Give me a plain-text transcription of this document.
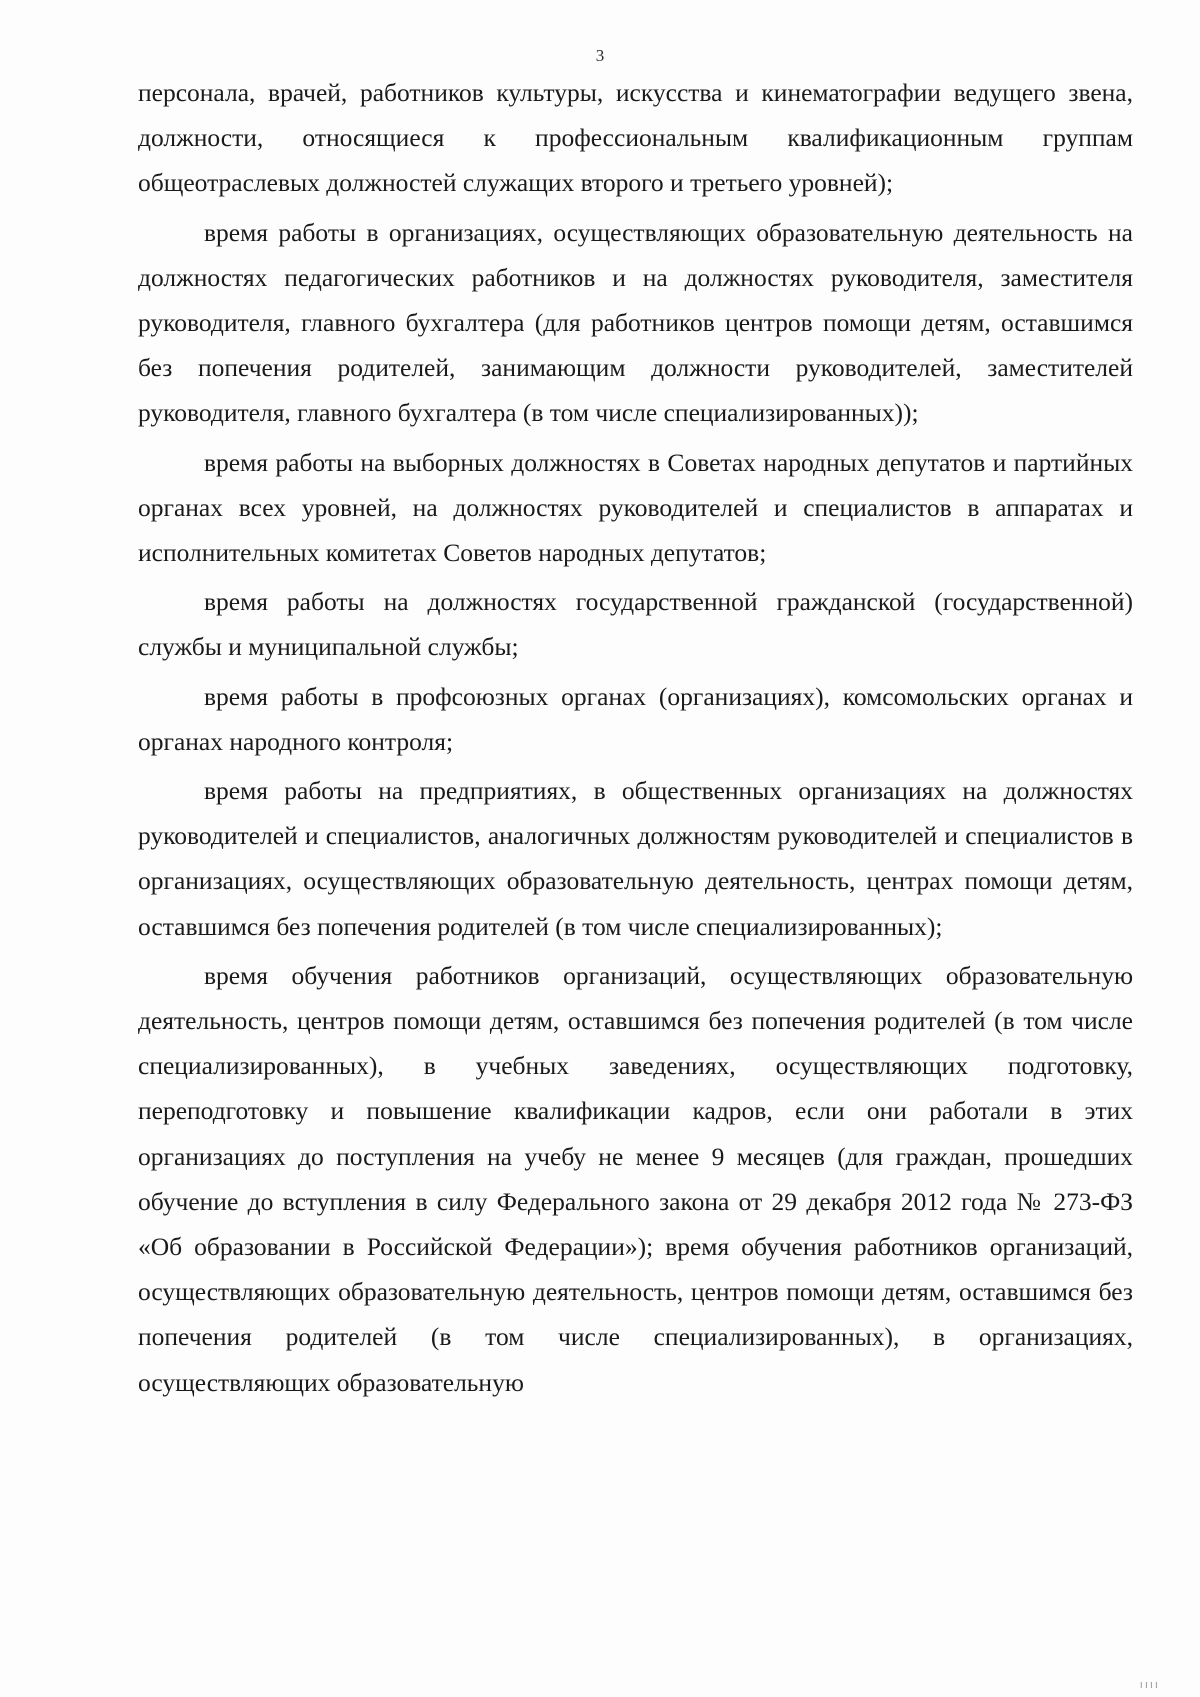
3

персонала, врачей, работников культуры, искусства и кинематографии ведущего звена, должности, относящиеся к профессиональным квалификационным группам общеотраслевых должностей служащих второго и третьего уровней);

время работы в организациях, осуществляющих образовательную деятельность на должностях педагогических работников и на должностях руководителя, заместителя руководителя, главного бухгалтера (для работников центров помощи детям, оставшимся без попечения родителей, занимающим должности руководителей, заместителей руководителя, главного бухгалтера (в том числе специализированных));

время работы на выборных должностях в Советах народных депутатов и партийных органах всех уровней, на должностях руководителей и специалистов в аппаратах и исполнительных комитетах Советов народных депутатов;

время работы на должностях государственной гражданской (государственной) службы и муниципальной службы;

время работы в профсоюзных органах (организациях), комсомольских органах и органах народного контроля;

время работы на предприятиях, в общественных организациях на должностях руководителей и специалистов, аналогичных должностям руководителей и специалистов в организациях, осуществляющих образовательную деятельность, центрах помощи детям, оставшимся без попечения родителей (в том числе специализированных);

время обучения работников организаций, осуществляющих образовательную деятельность, центров помощи детям, оставшимся без попечения родителей (в том числе специализированных), в учебных заведениях, осуществляющих подготовку, переподготовку и повышение квалификации кадров, если они работали в этих организациях до поступления на учебу не менее 9 месяцев (для граждан, прошедших обучение до вступления в силу Федерального закона от 29 декабря 2012 года № 273-ФЗ «Об образовании в Российской Федерации»); время обучения работников организаций, осуществляющих образовательную деятельность, центров помощи детям, оставшимся без попечения родителей (в том числе специализированных), в организациях, осуществляющих образовательную

ıııı
